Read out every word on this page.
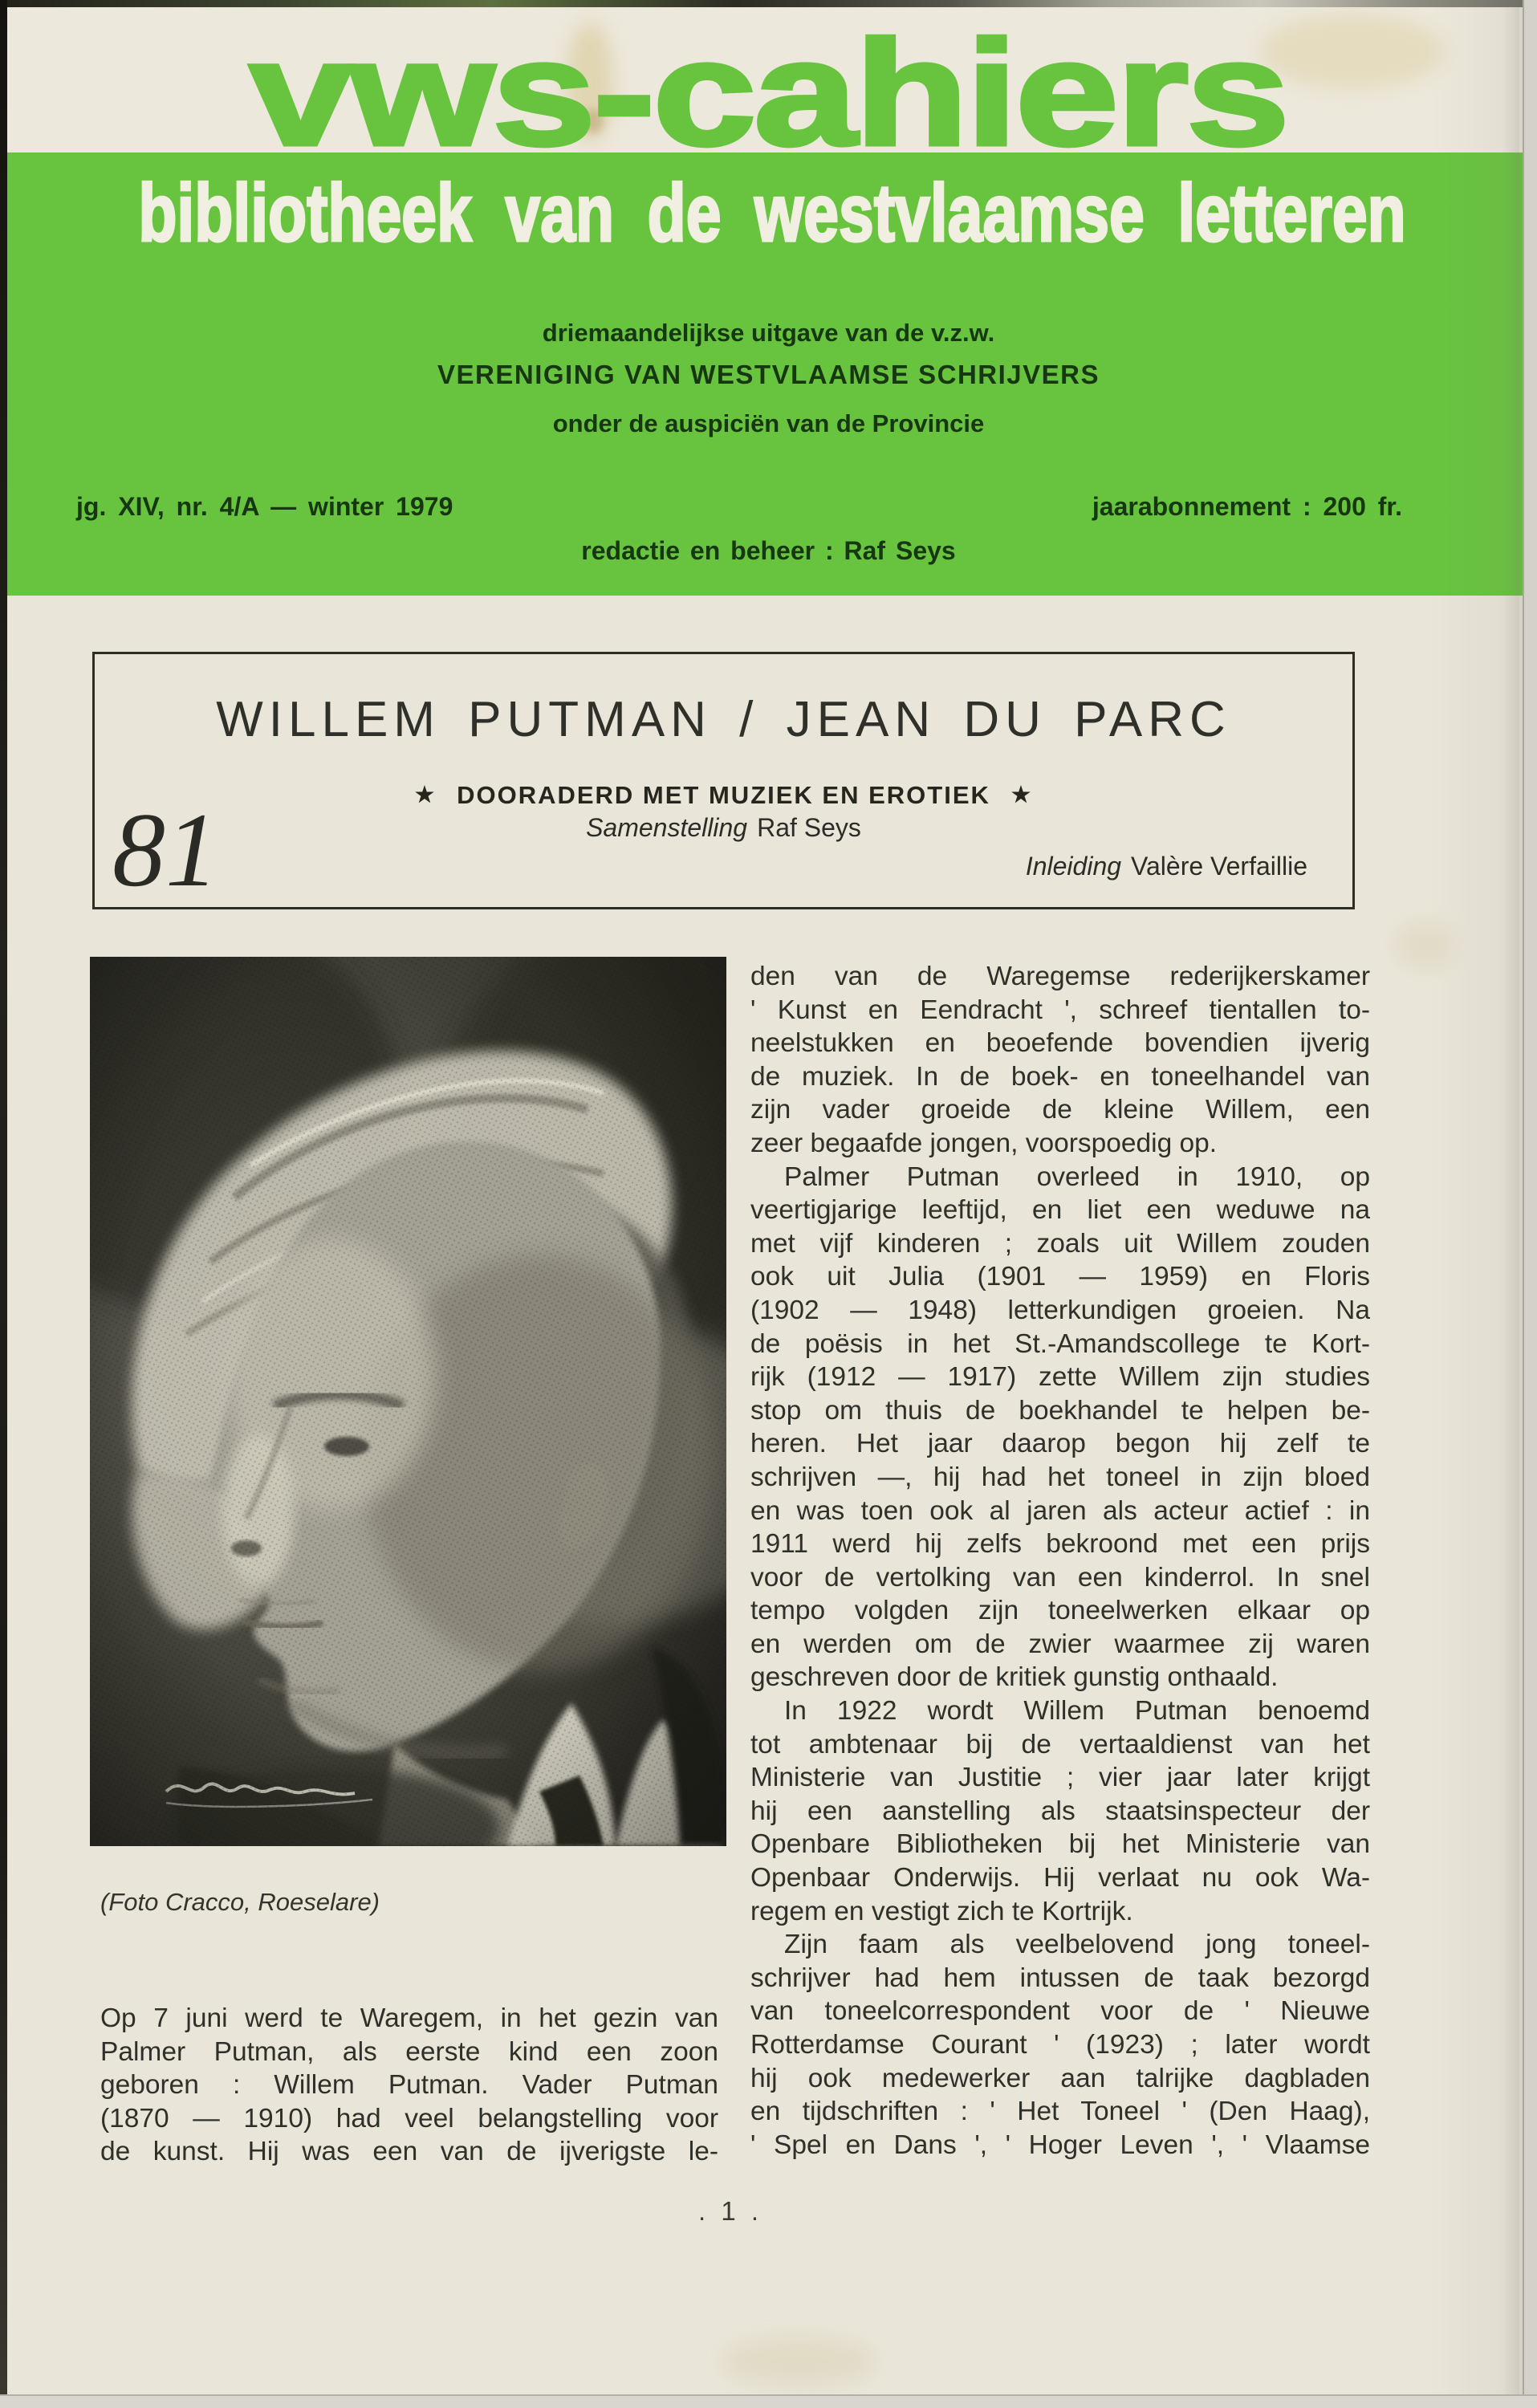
vws-cahiers
bibliotheek van de westvlaamse letteren
driemaandelijkse uitgave van de v.z.w.
VERENIGING VAN WESTVLAAMSE SCHRIJVERS
onder de auspiciën van de Provincie
jg. XIV, nr. 4/A — winter 1979	jaarabonnement : 200 fr.
redactie en beheer : Raf Seys
81
WILLEM PUTMAN / JEAN DU PARC
★ DOORADERD MET MUZIEK EN EROTIEK ★
Samenstelling Raf Seys
Inleiding Valère Verfaillie
(Foto Cracco, Roeselare)
Op 7 juni werd te Waregem, in het gezin van
Palmer Putman, als eerste kind een zoon
geboren : Willem Putman. Vader Putman
(1870 — 1910) had veel belangstelling voor
de kunst. Hij was een van de ijverigste le-
den van de Waregemse rederijkerskamer
' Kunst en Eendracht ', schreef tientallen to-
neelstukken en beoefende bovendien ijverig
de muziek. In de boek- en toneelhandel van
zijn vader groeide de kleine Willem, een
zeer begaafde jongen, voorspoedig op.
Palmer Putman overleed in 1910, op
veertigjarige leeftijd, en liet een weduwe na
met vijf kinderen ; zoals uit Willem zouden
ook uit Julia (1901 — 1959) en Floris
(1902 — 1948) letterkundigen groeien. Na
de poësis in het St.-Amandscollege te Kort-
rijk (1912 — 1917) zette Willem zijn studies
stop om thuis de boekhandel te helpen be-
heren. Het jaar daarop begon hij zelf te
schrijven —, hij had het toneel in zijn bloed
en was toen ook al jaren als acteur actief : in
1911 werd hij zelfs bekroond met een prijs
voor de vertolking van een kinderrol. In snel
tempo volgden zijn toneelwerken elkaar op
en werden om de zwier waarmee zij waren
geschreven door de kritiek gunstig onthaald.
In 1922 wordt Willem Putman benoemd
tot ambtenaar bij de vertaaldienst van het
Ministerie van Justitie ; vier jaar later krijgt
hij een aanstelling als staatsinspecteur der
Openbare Bibliotheken bij het Ministerie van
Openbaar Onderwijs. Hij verlaat nu ook Wa-
regem en vestigt zich te Kortrijk.
Zijn faam als veelbelovend jong toneel-
schrijver had hem intussen de taak bezorgd
van toneelcorrespondent voor de ' Nieuwe
Rotterdamse Courant ' (1923) ; later wordt
hij ook medewerker aan talrijke dagbladen
en tijdschriften : ' Het Toneel ' (Den Haag),
' Spel en Dans ', ' Hoger Leven ', ' Vlaamse
. 1 .
